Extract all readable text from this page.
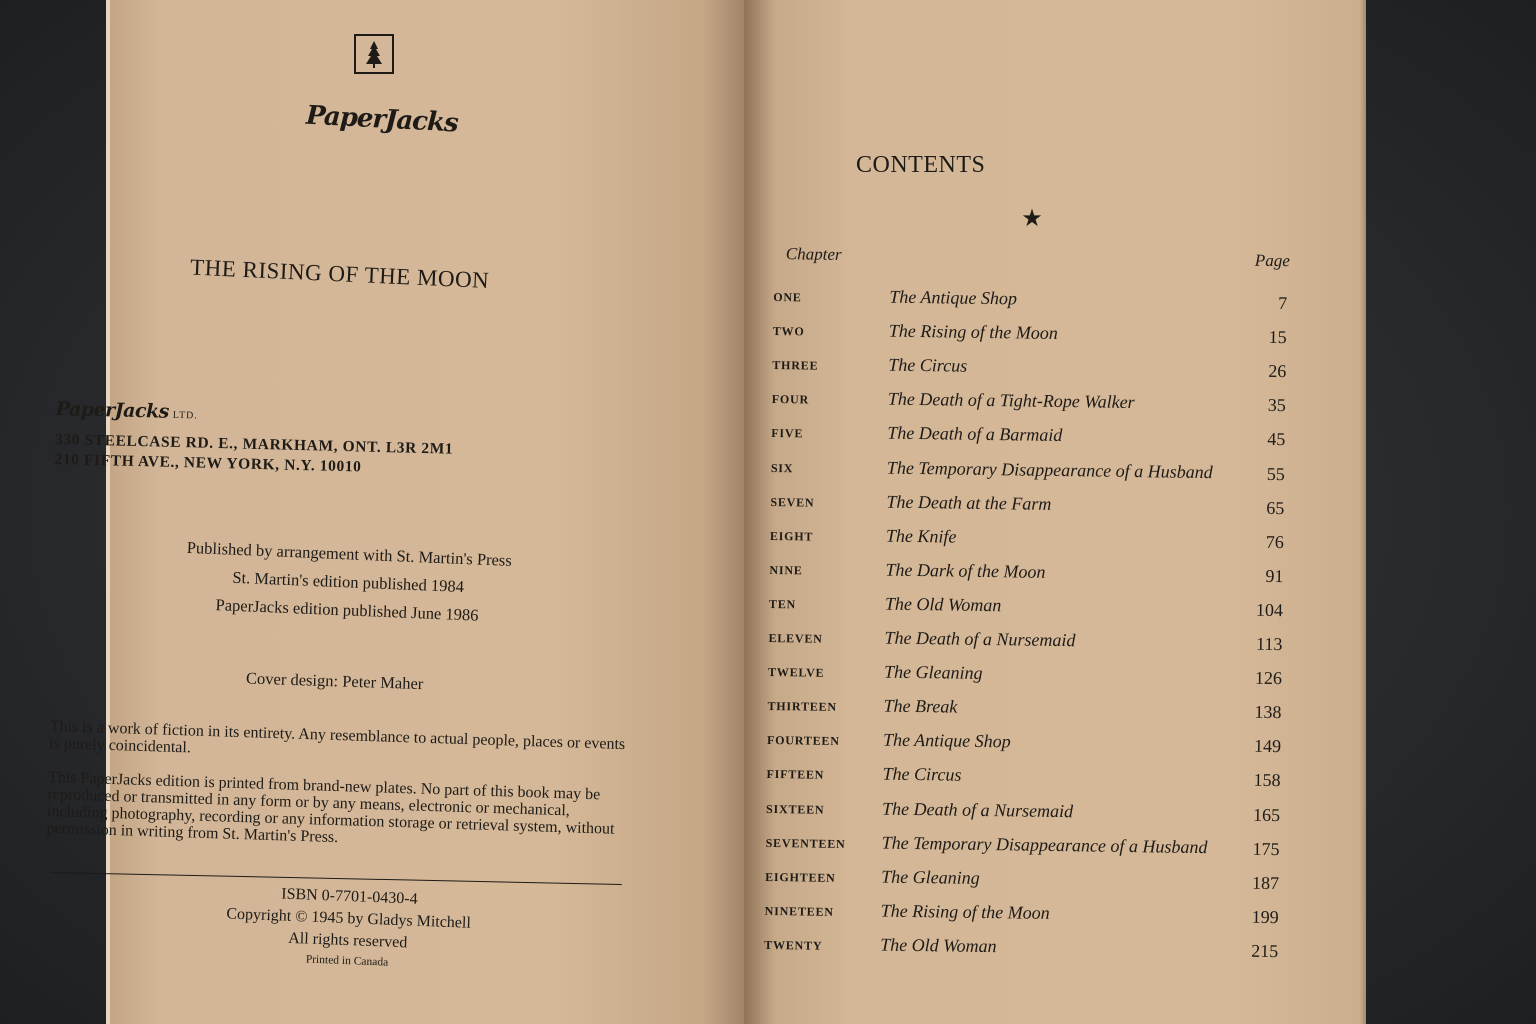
PaperJacks
THE RISING OF THE MOON
PaperJacks LTD.
330 STEELCASE RD. E., MARKHAM, ONT. L3R 2M1
210 FIFTH AVE., NEW YORK, N.Y. 10010
Published by arrangement with St. Martin's Press
St. Martin's edition published 1984
PaperJacks edition published June 1986
Cover design: Peter Maher

This is a work of fiction in its entirety. Any resemblance to actual people, places or events is purely coincidental.

This PaperJacks edition is printed from brand-new plates. No part of this book may be reproduced or transmitted in any form or by any means, electronic or mechanical, including photography, recording or any information storage or retrieval system, without permission in writing from St. Martin's Press.

ISBN 0-7701-0430-4
Copyright © 1945 by Gladys Mitchell
All rights reserved
Printed in Canada
CONTENTS
★
Chapter	Page
ONE	The Antique Shop	7
TWO	The Rising of the Moon	15
THREE	The Circus	26
FOUR	The Death of a Tight-Rope Walker	35
FIVE	The Death of a Barmaid	45
SIX	The Temporary Disappearance of a Husband	55
SEVEN	The Death at the Farm	65
EIGHT	The Knife	76
NINE	The Dark of the Moon	91
TEN	The Old Woman	104
ELEVEN	The Death of a Nursemaid	113
TWELVE	The Gleaning	126
THIRTEEN	The Break	138
FOURTEEN The Antique Shop	149
FIFTEEN	The Circus	158
SIXTEEN	The Death of a Nursemaid	165
SEVENTEEN The Temporary Disappearance of a Husband 175
EIGHTEEN	The Gleaning	187
NINETEEN	The Rising of the Moon	199
TWENTY	The Old Woman	215
